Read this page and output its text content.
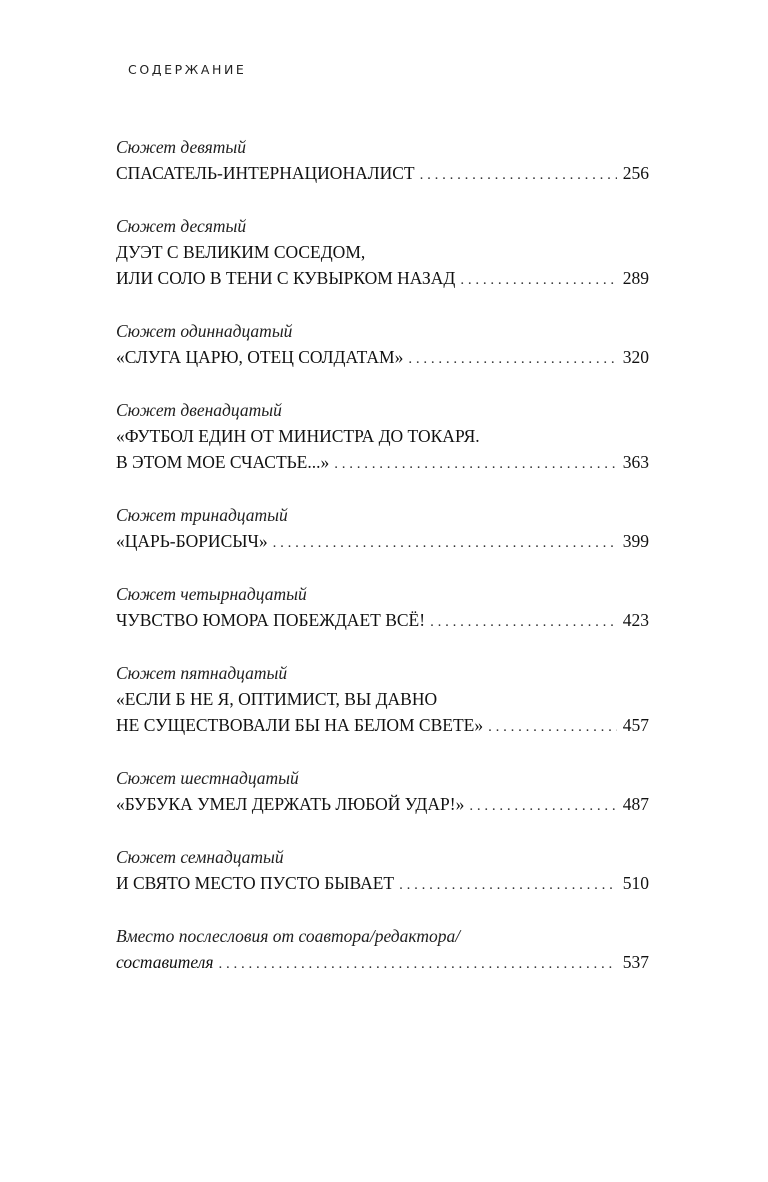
СОДЕРЖАНИЕ
Сюжет девятый
СПАСАТЕЛЬ-ИНТЕРНАЦИОНАЛИСТ . . .	256
Сюжет десятый
ДУЭТ С ВЕЛИКИМ СОСЕДОМ,
ИЛИ СОЛО В ТЕНИ С КУВЫРКОМ НАЗАД . . .	289
Сюжет одиннадцатый
«СЛУГА ЦАРЮ, ОТЕЦ СОЛДАТАМ» . . .	320
Сюжет двенадцатый
«ФУТБОЛ ЕДИН ОТ МИНИСТРА ДО ТОКАРЯ.
В ЭТОМ МОЕ СЧАСТЬЕ...» . . .	363
Сюжет тринадцатый
«ЦАРЬ-БОРИСЫЧ» . . .	399
Сюжет четырнадцатый
ЧУВСТВО ЮМОРА ПОБЕЖДАЕТ ВСЁ! . . .	423
Сюжет пятнадцатый
«ЕСЛИ Б НЕ Я, ОПТИМИСТ, ВЫ ДАВНО
НЕ СУЩЕСТВОВАЛИ БЫ НА БЕЛОМ СВЕТЕ» . . .	457
Сюжет шестнадцатый
«БУБУКА УМЕЛ ДЕРЖАТЬ ЛЮБОЙ УДАР!» . . .	487
Сюжет семнадцатый
И СВЯТО МЕСТО ПУСТО БЫВАЕТ . . .	510
Вместо послесловия от соавтора/редактора/
составителя . . .	537
